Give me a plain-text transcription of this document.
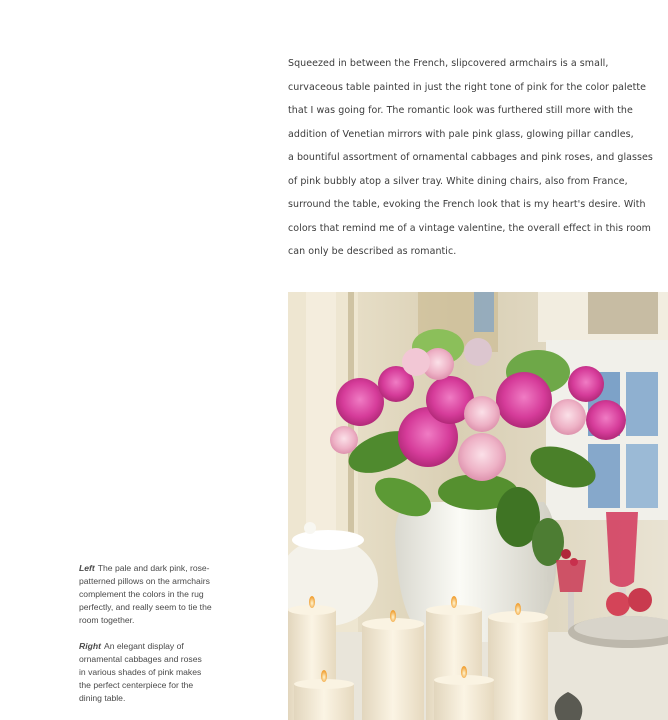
Squeezed in between the French, slipcovered armchairs is a small,
curvaceous table painted in just the right tone of pink for the color palette
that I was going for. The romantic look was furthered still more with the
addition of Venetian mirrors with pale pink glass, glowing pillar candles,
a bountiful assortment of ornamental cabbages and pink roses, and glasses
of pink bubbly atop a silver tray. White dining chairs, also from France,
surround the table, evoking the French look that is my heart's desire. With
colors that remind me of a vintage valentine, the overall effect in this room
can only be described as romantic.
Left The pale and dark pink, rose-
patterned pillows on the armchairs
complement the colors in the rug
perfectly, and really seem to tie the
room together.
Right An elegant display of
ornamental cabbages and roses
in various shades of pink makes
the perfect centerpiece for the
dining table.
